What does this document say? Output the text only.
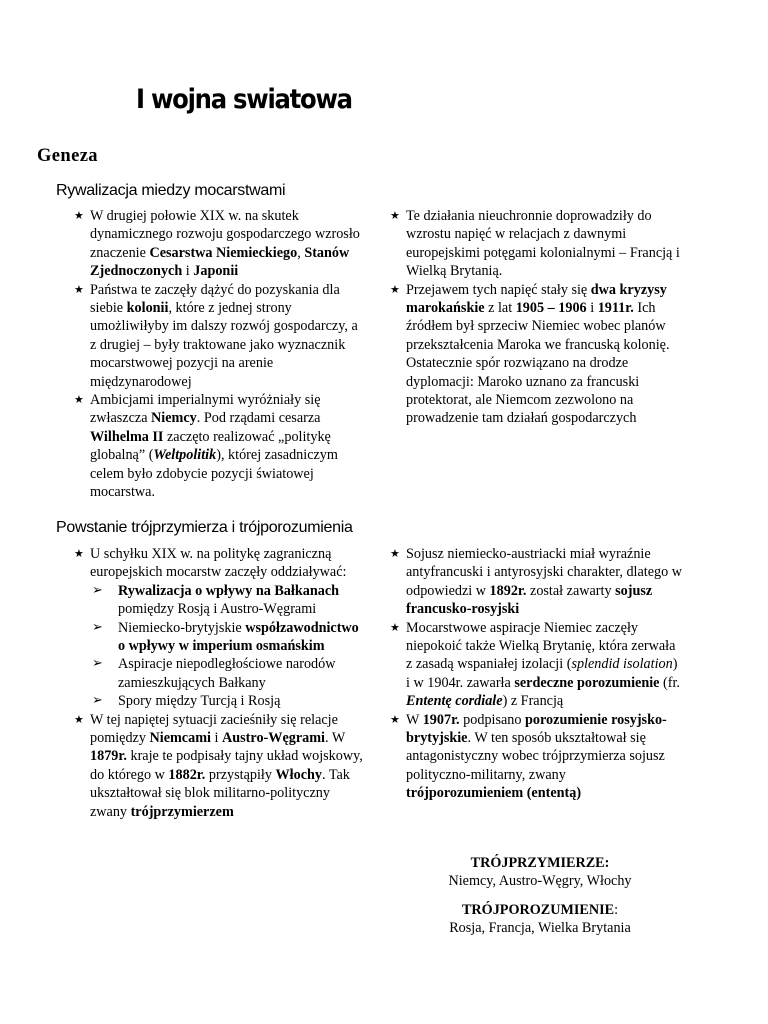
I wojna swiatowa
Geneza
Rywalizacja miedzy mocarstwami
★ W drugiej połowie XIX w. na skutek dynamicznego rozwoju gospodarczego wzrosło znaczenie Cesarstwa Niemieckiego, Stanów Zjednoczonych i Japonii
★ Państwa te zaczęły dążyć do pozyskania dla siebie kolonii, które z jednej strony umożliwiłyby im dalszy rozwój gospodarczy, a z drugiej – były traktowane jako wyznacznik mocarstwowej pozycji na arenie międzynarodowej
★ Ambicjami imperialnymi wyróżniały się zwłaszcza Niemcy. Pod rządami cesarza Wilhelma II zaczęto realizować „politykę globalną” (Weltpolitik), której zasadniczym celem było zdobycie pozycji światowej mocarstwa.
★ Te działania nieuchronnie doprowadziły do wzrostu napięć w relacjach z dawnymi europejskimi potęgami kolonialnymi – Francją i Wielką Brytanią.
★ Przejawem tych napięć stały się dwa kryzysy marokańskie z lat 1905 – 1906 i 1911r. Ich źródłem był sprzeciw Niemiec wobec planów przekształcenia Maroka we francuską kolonię. Ostatecznie spór rozwiązano na drodze dyplomacji: Maroko uznano za francuski protektorat, ale Niemcom zezwolono na prowadzenie tam działań gospodarczych
Powstanie trójprzymierza i trójporozumienia
★ U schyłku XIX w. na politykę zagraniczną europejskich mocarstw zaczęły oddziaływać:
➢ Rywalizacja o wpływy na Bałkanach pomiędzy Rosją i Austro-Węgrami
➢ Niemiecko-brytyjskie współzawodnictwo o wpływy w imperium osmańskim
➢ Aspiracje niepodległościowe narodów zamieszkujących Bałkany
➢ Spory między Turcją i Rosją
★ W tej napiętej sytuacji zacieśniły się relacje pomiędzy Niemcami i Austro-Węgrami. W 1879r. kraje te podpisały tajny układ wojskowy, do którego w 1882r. przystąpiły Włochy. Tak ukształtował się blok militarno-polityczny zwany trójprzymierzem
★ Sojusz niemiecko-austriacki miał wyraźnie antyfrancuski i antyrosyjski charakter, dlatego w odpowiedzi w 1892r. został zawarty sojusz francusko-rosyjski
★ Mocarstwowe aspiracje Niemiec zaczęły niepokoić także Wielką Brytanię, która zerwała z zasadą wspaniałej izolacji (splendid isolation) i w 1904r. zawarła serdeczne porozumienie (fr. Ententę cordiale) z Francją
★ W 1907r. podpisano porozumienie rosyjsko-brytyjskie. W ten sposób ukształtował się antagonistyczny wobec trójprzymierza sojusz polityczno-militarny, zwany trójporozumieniem (ententą)
TRÓJPRZYMIERZE:
Niemcy, Austro-Węgry, Włochy
TRÓJPOROZUMIENIE:
Rosja, Francja, Wielka Brytania
